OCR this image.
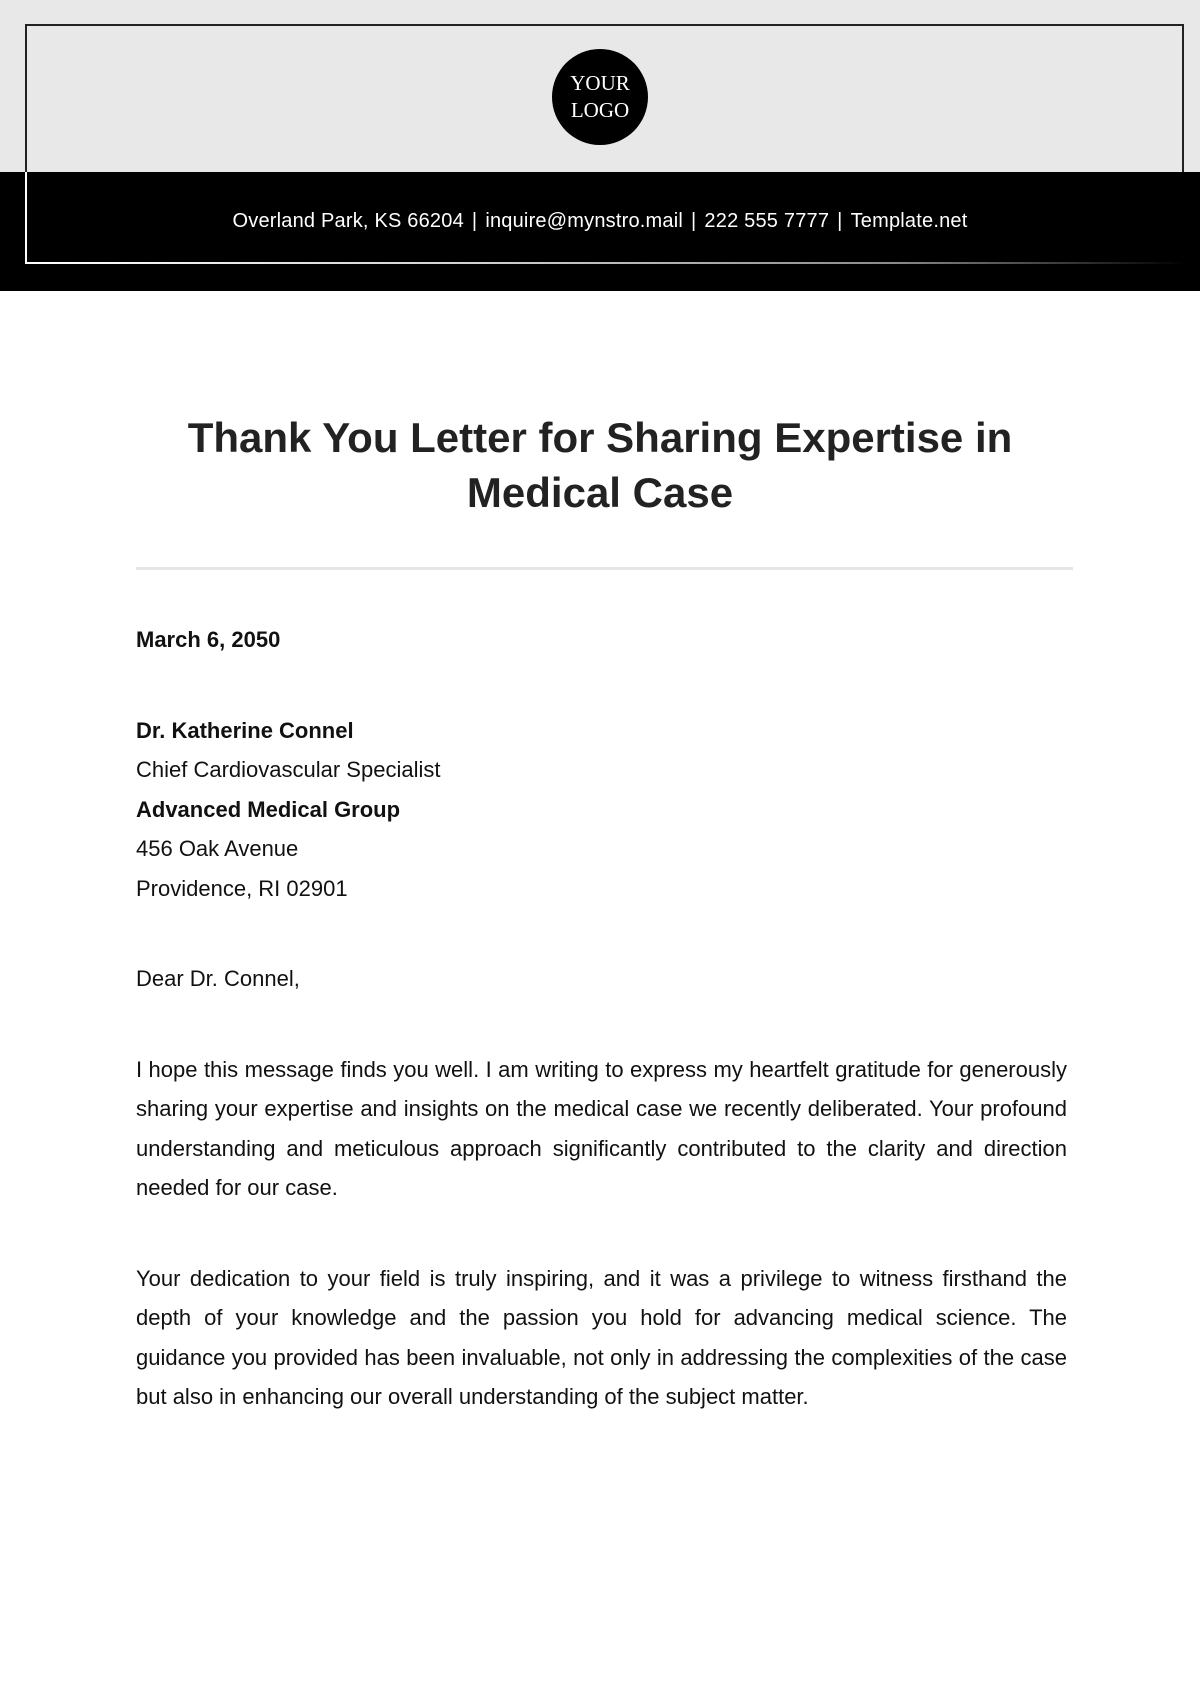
YOUR
LOGO
Overland Park, KS 66204 | inquire@mynstro.mail | 222 555 7777 | Template.net
Thank You Letter for Sharing Expertise in Medical Case

March 6, 2050

Dr. Katherine Connel
Chief Cardiovascular Specialist
Advanced Medical Group
456 Oak Avenue
Providence, RI 02901

Dear Dr. Connel,

I hope this message finds you well. I am writing to express my heartfelt gratitude for generously sharing your expertise and insights on the medical case we recently deliberated. Your profound understanding and meticulous approach significantly contributed to the clarity and direction needed for our case.

Your dedication to your field is truly inspiring, and it was a privilege to witness firsthand the depth of your knowledge and the passion you hold for advancing medical science. The guidance you provided has been invaluable, not only in addressing the complexities of the case but also in enhancing our overall understanding of the subject matter.
